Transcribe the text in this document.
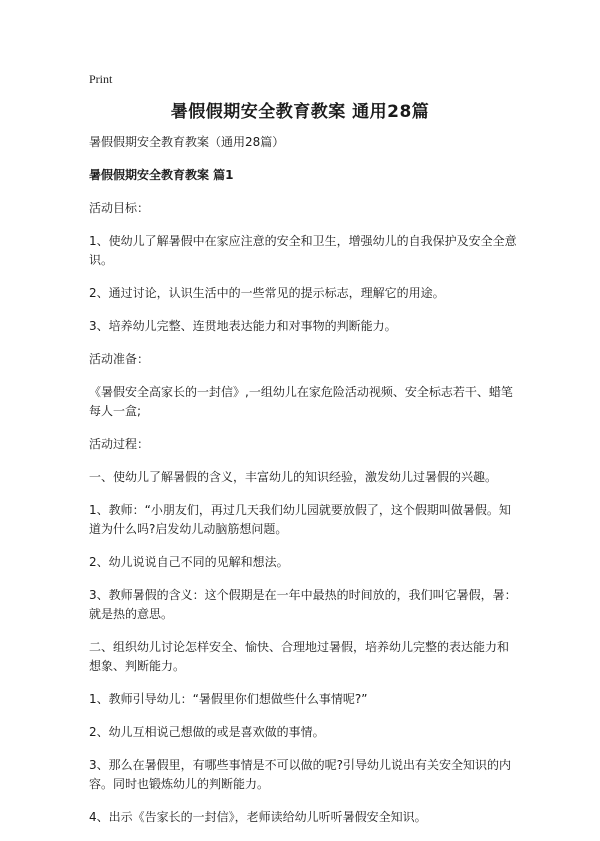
Print
暑假假期安全教育教案 通用28篇

暑假假期安全教育教案（通用28篇）

暑假假期安全教育教案 篇1

活动目标：

1、使幼儿了解暑假中在家应注意的安全和卫生，增强幼儿的自我保护及安全全意识。

2、通过讨论，认识生活中的一些常见的提示标志，理解它的用途。

3、培养幼儿完整、连贯地表达能力和对事物的判断能力。

活动准备：

《暑假安全高家长的一封信》,一组幼儿在家危险活动视频、安全标志若干、蜡笔每人一盒;

活动过程：

一、使幼儿了解暑假的含义，丰富幼儿的知识经验，激发幼儿过暑假的兴趣。

1、教师：“小朋友们，再过几天我们幼儿园就要放假了，这个假期叫做暑假。知道为什么吗?启发幼儿动脑筋想问题。

2、幼儿说说自己不同的见解和想法。

3、教师暑假的含义：这个假期是在一年中最热的时间放的，我们叫它暑假，暑：就是热的意思。

二、组织幼儿讨论怎样安全、愉快、合理地过暑假，培养幼儿完整的表达能力和想象、判断能力。

1、教师引导幼儿：“暑假里你们想做些什么事情呢?”

2、幼儿互相说己想做的或是喜欢做的事情。

3、那么在暑假里，有哪些事情是不可以做的呢?引导幼儿说出有关安全知识的内容。同时也锻炼幼儿的判断能力。

4、出示《告家长的一封信》，老师读给幼儿听听暑假安全知识。
